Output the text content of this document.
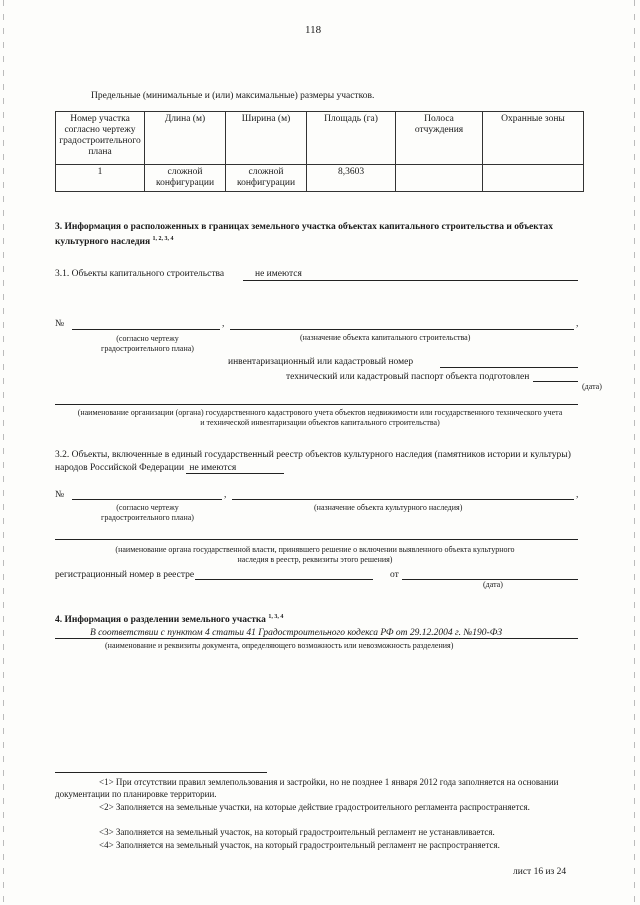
118
Предельные (минимальные и (или) максимальные) размеры участков.
Номер участка согласно чертежу градостроительного плана	Длина (м)	Ширина (м)	Площадь (га)	Полоса отчуждения	Охранные зоны
1	сложной конфигурации	сложной конфигурации	8,3603		
3. Информация о расположенных в границах земельного участка объектах капитального строительства и объектах культурного наследия $^{1, 2, 3, 4}$
3.1. Объекты капитального строительства	не имеются
№	,	,
(согласно чертежу градостроительного плана)
(назначение объекта капитального строительства)
инвентаризационный или кадастровый номер
технический или кадастровый паспорт объекта подготовлен
(дата)
(наименование организации (органа) государственного кадастрового учета объектов недвижимости или государственного технического учета и технической инвентаризации объектов капитального строительства)
3.2. Объекты, включенные в единый государственный реестр объектов культурного наследия (памятников истории и культуры) народов Российской Федерации не имеются
№	,	,
(согласно чертежу градостроительного плана)
(назначение объекта культурного наследия)
(наименование органа государственной власти, принявшего решение о включении выявленного объекта культурного наследия в реестр, реквизиты этого решения)
регистрационный номер в реестре	от
(дата)
4. Информация о разделении земельного участка $^{1, 3, 4}$
В соответствии с пунктом 4 статьи 41 Градостроительного кодекса РФ от 29.12.2004 г. №190-ФЗ
(наименование и реквизиты документа, определяющего возможность или невозможность разделения)
<1> При отсутствии правил землепользования и застройки, но не позднее 1 января 2012 года заполняется на основании документации по планировке территории.
<2> Заполняется на земельные участки, на которые действие градостроительного регламента распространяется.
<3> Заполняется на земельный участок, на который градостроительный регламент не устанавливается.
<4> Заполняется на земельный участок, на который градостроительный регламент не распространяется.
лист 16 из 24
